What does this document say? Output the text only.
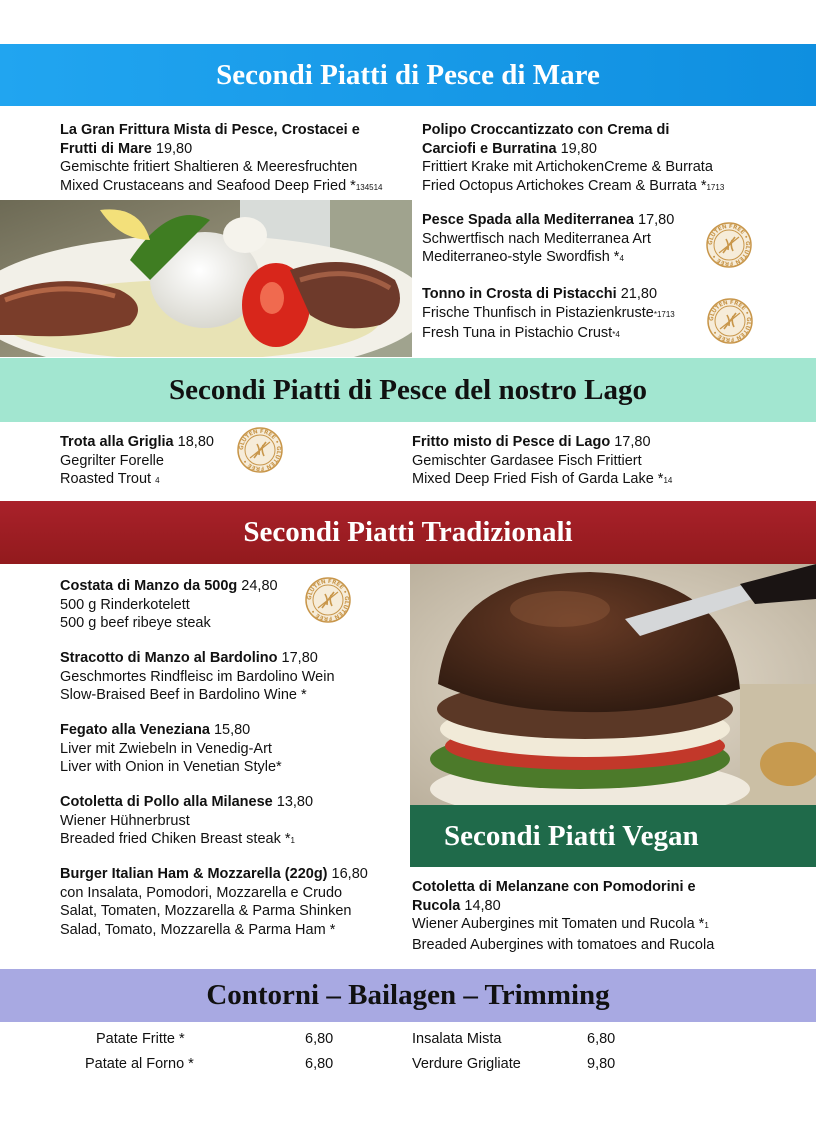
Secondi Piatti di Pesce di Mare
La Gran Frittura Mista di Pesce, Crostacei e
Frutti di Mare 19,80
Gemischte fritiert Shaltieren & Meeresfruchten
Mixed Crustaceans and Seafood Deep Fried *134514
Polipo Croccantizzato con Crema di
Carciofi e Burratina 19,80
Frittiert Krake mit ArtichokenCreme & Burrata
Fried Octopus Artichokes Cream & Burrata *1713
Pesce Spada alla Mediterranea 17,80
Schwertfisch nach Mediterranea Art
Mediterraneo-style Swordfish *4
GLUTEN FREE • GLUTEN FREE •
Tonno in Crosta di Pistacchi 21,80
Frische Thunfisch in Pistazienkruste*1713
Fresh Tuna in Pistachio Crust*4
GLUTEN FREE • GLUTEN FREE •
Secondi Piatti di Pesce del nostro Lago
Trota alla Griglia 18,80
Gegrilter Forelle
Roasted Trout 4
GLUTEN FREE • GLUTEN FREE •
Fritto misto di Pesce di Lago 17,80
Gemischter Gardasee Fisch Frittiert
Mixed Deep Fried Fish of Garda Lake *14
Secondi Piatti Tradizionali
Costata di Manzo da 500g 24,80
500 g Rinderkotelett
500 g beef ribeye steak
GLUTEN FREE • GLUTEN FREE •
Stracotto di Manzo al Bardolino 17,80
Geschmortes Rindfleisc im Bardolino Wein
Slow-Braised Beef in Bardolino Wine *
Fegato alla Veneziana 15,80
Liver mit Zwiebeln in Venedig-Art
Liver with Onion in Venetian Style*
Cotoletta di Pollo alla Milanese 13,80
Wiener Hühnerbrust
Breaded fried Chiken Breast steak *1
Burger Italian Ham & Mozzarella (220g) 16,80
con Insalata, Pomodori, Mozzarella e Crudo
Salat, Tomaten, Mozzarella & Parma Shinken
Salad, Tomato, Mozzarella & Parma Ham *
Secondi Piatti Vegan
Cotoletta di Melanzane con Pomodorini e
Rucola 14,80
Wiener Aubergines mit Tomaten und Rucola *1
Breaded Aubergines with tomatoes and Rucola
Contorni – Bailagen – Trimming
Patate Fritte *	6,80
Patate al Forno *	6,80
Insalata Mista	6,80
Verdure Grigliate	9,80
